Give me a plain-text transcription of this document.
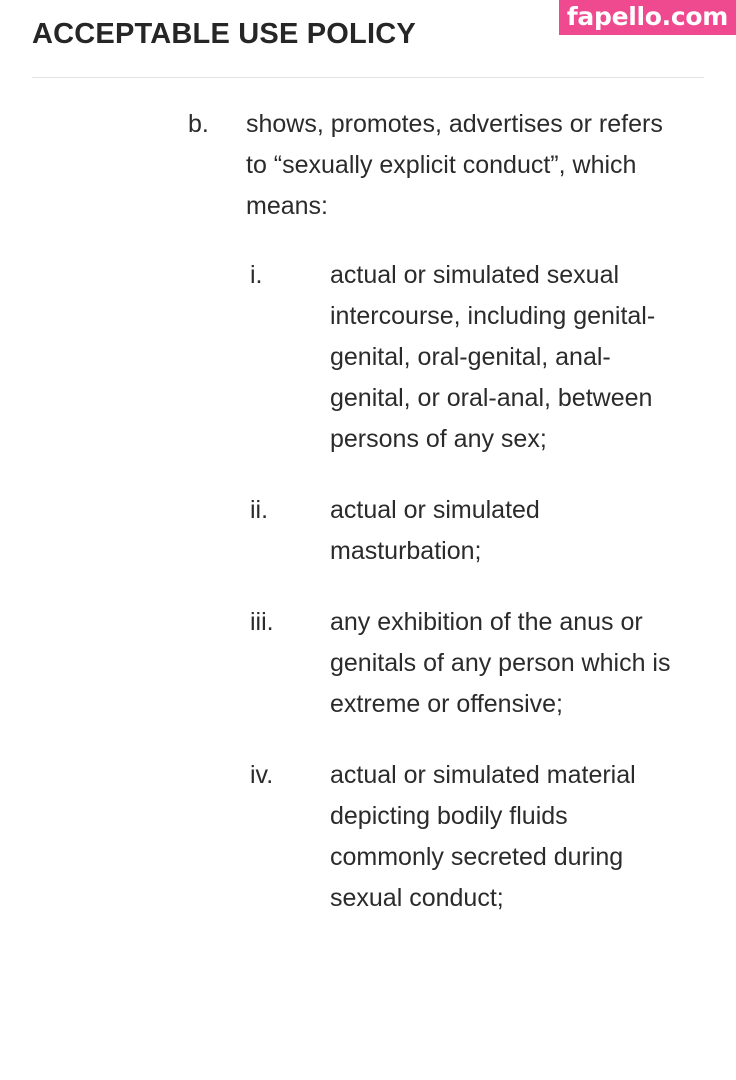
fapello.com
ACCEPTABLE USE POLICY
b.	shows, promotes, advertises or refers to “sexually explicit conduct”, which means:
i.	actual or simulated sexual intercourse, including genital-genital, oral-genital, anal-genital, or oral-anal, between persons of any sex;
ii.	actual or simulated masturbation;
iii.	any exhibition of the anus or genitals of any person which is extreme or offensive;
iv.	actual or simulated material depicting bodily fluids commonly secreted during sexual conduct;
